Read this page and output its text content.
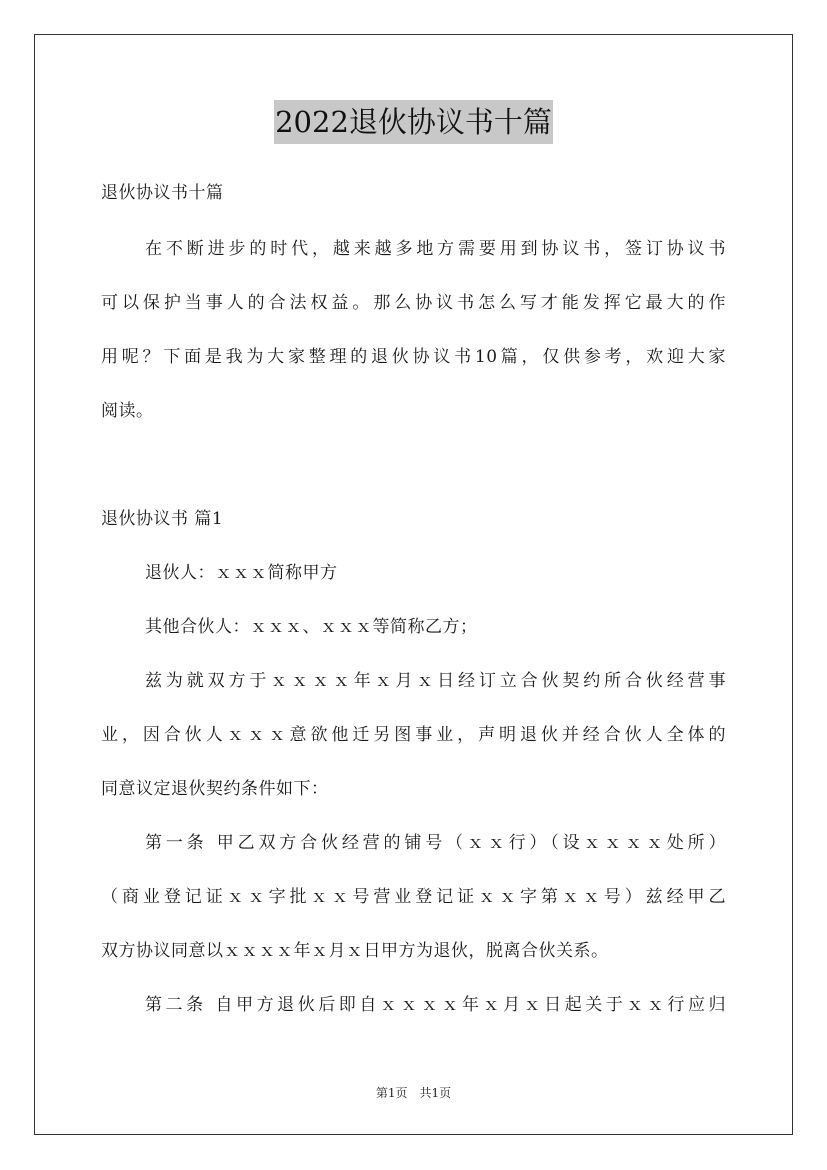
2022退伙协议书十篇
退伙协议书十篇
在不断进步的时代，越来越多地方需要用到协议书，签订协议书
可以保护当事人的合法权益。那么协议书怎么写才能发挥它最大的作
用呢？下面是我为大家整理的退伙协议书10篇，仅供参考，欢迎大家
阅读。
退伙协议书 篇1
退伙人：ｘｘｘ简称甲方
其他合伙人：ｘｘｘ、ｘｘｘ等简称乙方；
兹为就双方于ｘｘｘｘ年ｘ月ｘ日经订立合伙契约所合伙经营事
业，因合伙人ｘｘｘ意欲他迁另图事业，声明退伙并经合伙人全体的
同意议定退伙契约条件如下：
第一条 甲乙双方合伙经营的铺号（ｘｘ行）（设ｘｘｘｘ处所）
（商业登记证ｘｘ字批ｘｘ号营业登记证ｘｘ字第ｘｘ号）兹经甲乙
双方协议同意以ｘｘｘｘ年ｘ月ｘ日甲方为退伙，脱离合伙关系。
第二条 自甲方退伙后即自ｘｘｘｘ年ｘ月ｘ日起关于ｘｘ行应归
第1页　共1页
